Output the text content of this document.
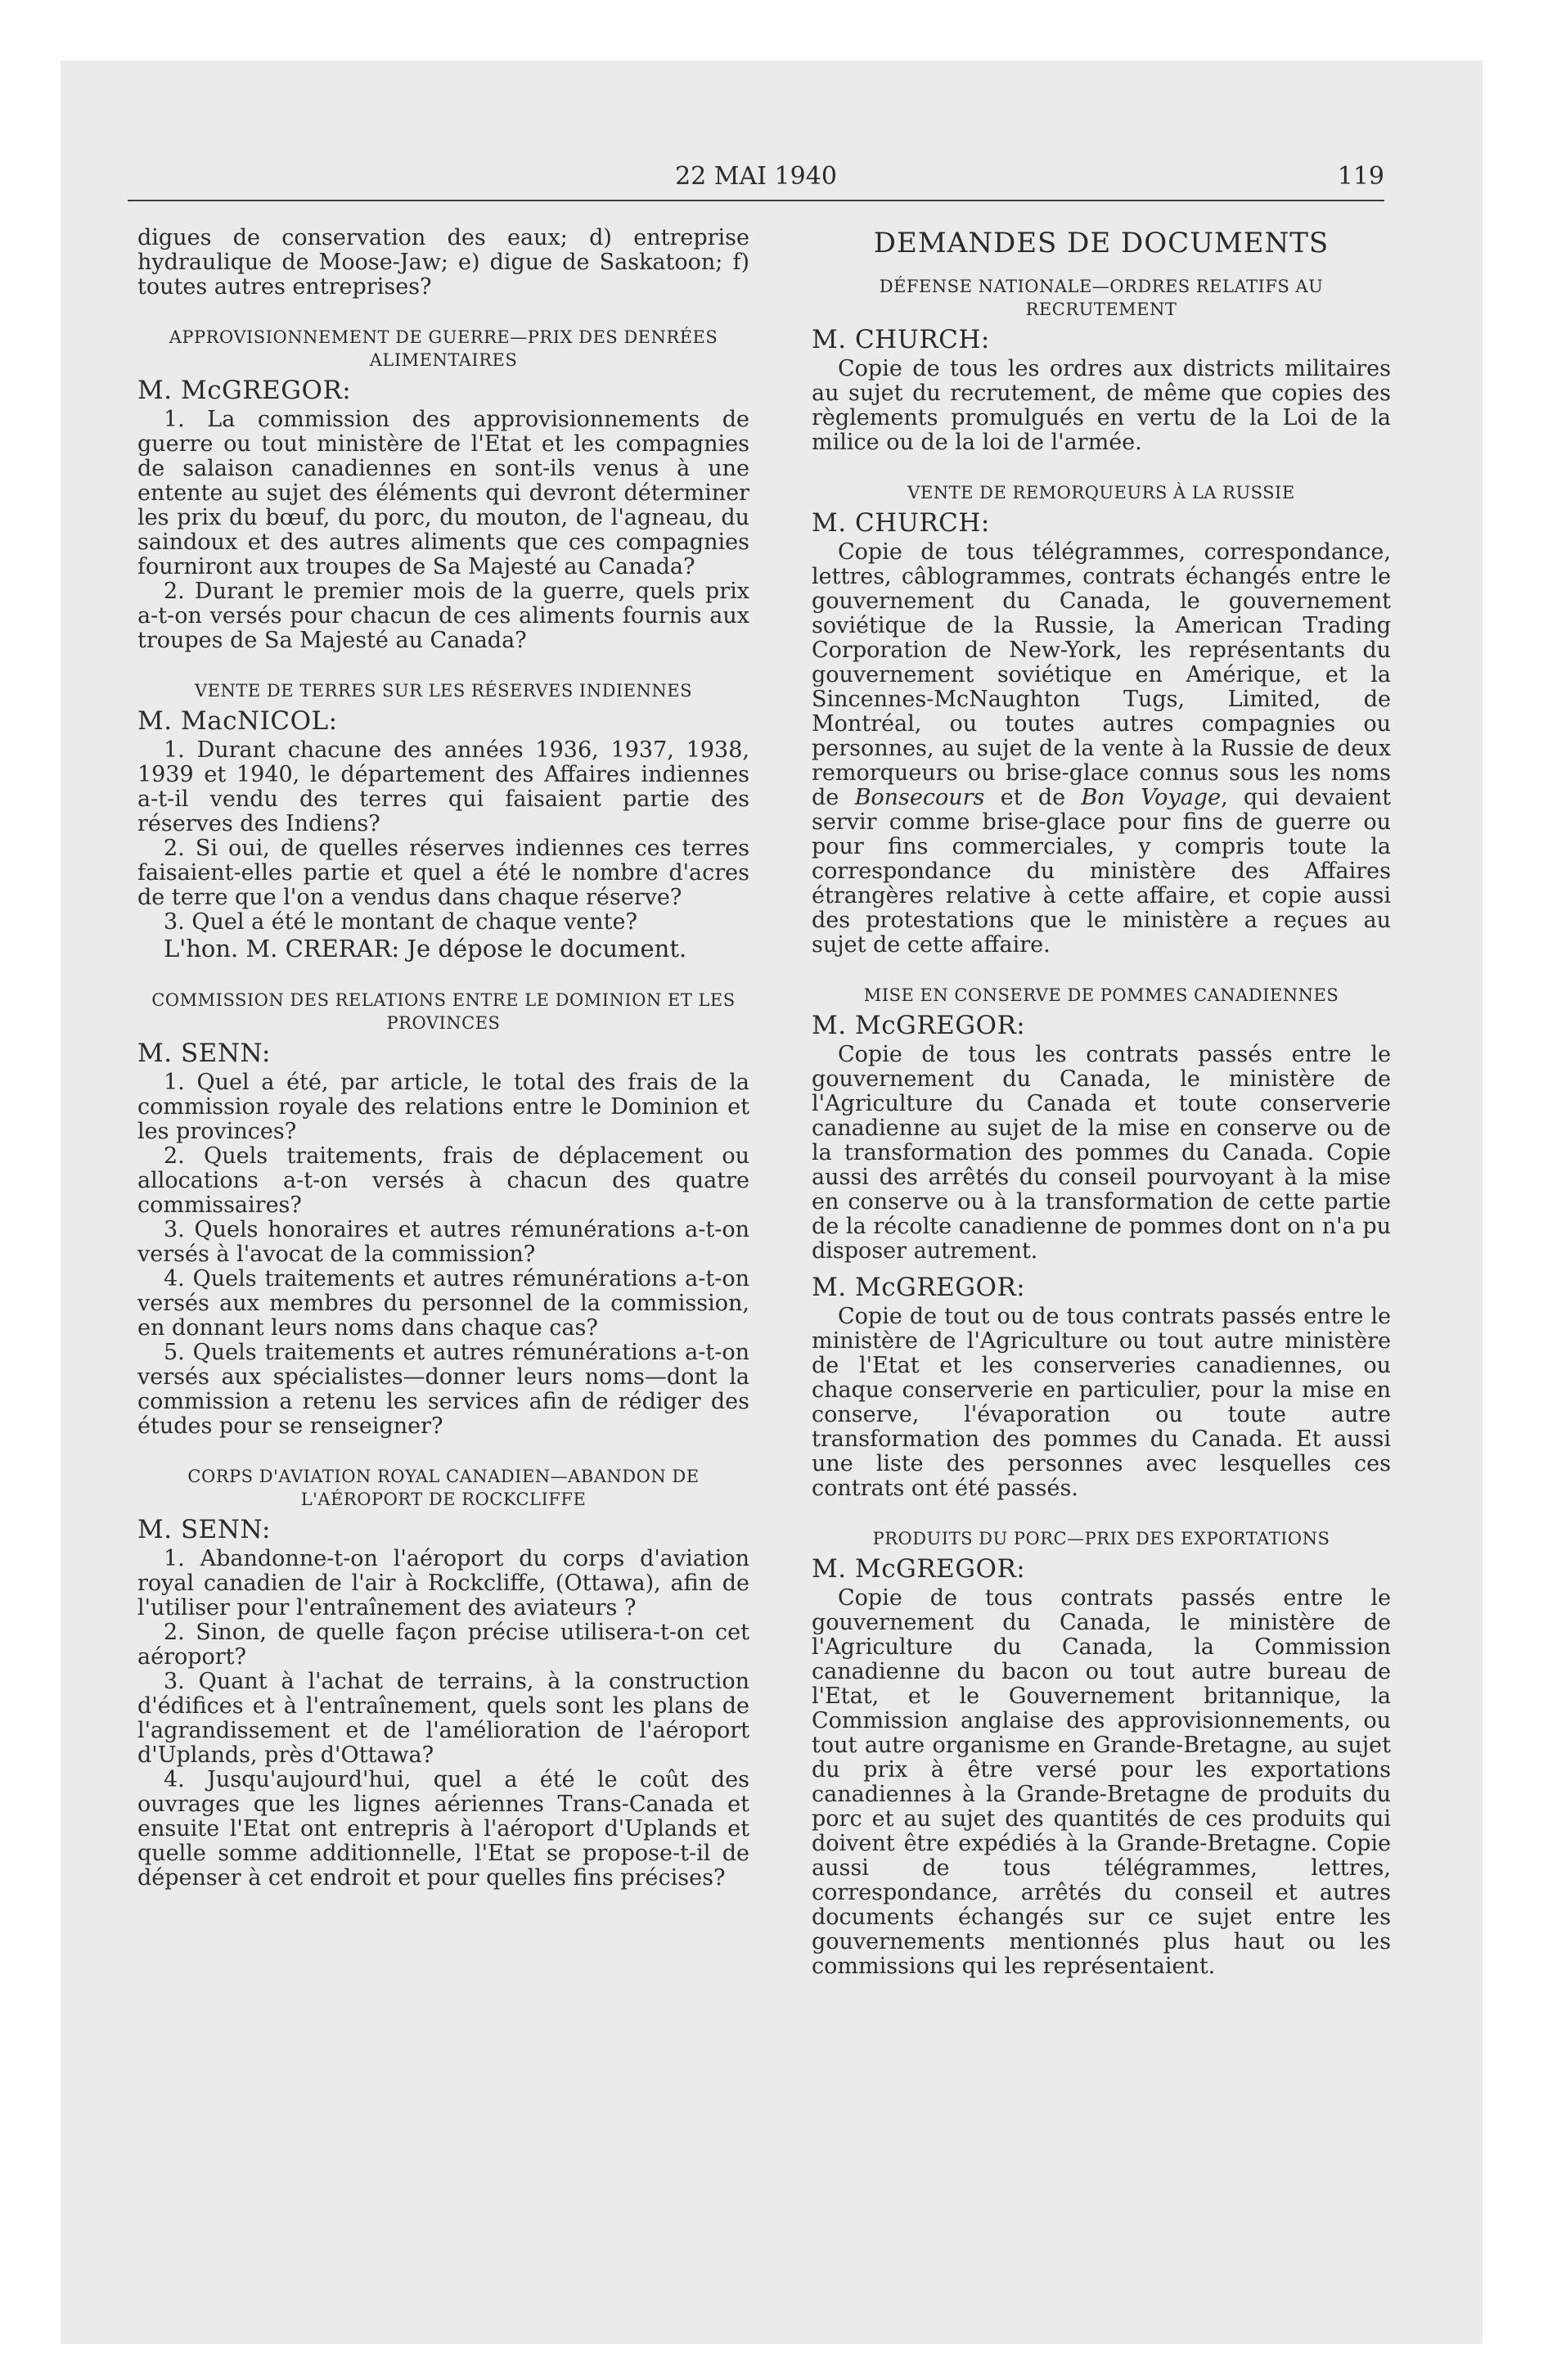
22 MAI 1940	119

digues de conservation des eaux; d) entreprise hydraulique de Moose-Jaw; e) digue de Saskatoon; f) toutes autres entreprises?

APPROVISIONNEMENT DE GUERRE—PRIX DES DENRÉES ALIMENTAIRES
M. McGREGOR:

1. La commission des approvisionnements de guerre ou tout ministère de l'Etat et les compagnies de salaison canadiennes en sont-ils venus à une entente au sujet des éléments qui devront déterminer les prix du bœuf, du porc, du mouton, de l'agneau, du saindoux et des autres aliments que ces compagnies fourniront aux troupes de Sa Majesté au Canada?

2. Durant le premier mois de la guerre, quels prix a-t-on versés pour chacun de ces aliments fournis aux troupes de Sa Majesté au Canada?

VENTE DE TERRES SUR LES RÉSERVES INDIENNES
M. MacNICOL:

1. Durant chacune des années 1936, 1937, 1938, 1939 et 1940, le département des Affaires indiennes a-t-il vendu des terres qui faisaient partie des réserves des Indiens?

2. Si oui, de quelles réserves indiennes ces terres faisaient-elles partie et quel a été le nombre d'acres de terre que l'on a vendus dans chaque réserve?

3. Quel a été le montant de chaque vente?

L'hon. M. CRERAR: Je dépose le document.

COMMISSION DES RELATIONS ENTRE LE DOMINION ET LES PROVINCES
M. SENN:

1. Quel a été, par article, le total des frais de la commission royale des relations entre le Dominion et les provinces?

2. Quels traitements, frais de déplacement ou allocations a-t-on versés à chacun des quatre commissaires?

3. Quels honoraires et autres rémunérations a-t-on versés à l'avocat de la commission?

4. Quels traitements et autres rémunérations a-t-on versés aux membres du personnel de la commission, en donnant leurs noms dans chaque cas?

5. Quels traitements et autres rémunérations a-t-on versés aux spécialistes—donner leurs noms—dont la commission a retenu les services afin de rédiger des études pour se renseigner?

CORPS D'AVIATION ROYAL CANADIEN—ABANDON DE L'AÉROPORT DE ROCKCLIFFE
M. SENN:

1. Abandonne-t-on l'aéroport du corps d'aviation royal canadien de l'air à Rockcliffe, (Ottawa), afin de l'utiliser pour l'entraînement des aviateurs ?

2. Sinon, de quelle façon précise utilisera-t-on cet aéroport?

3. Quant à l'achat de terrains, à la construction d'édifices et à l'entraînement, quels sont les plans de l'agrandissement et de l'amélioration de l'aéroport d'Uplands, près d'Ottawa?

4. Jusqu'aujourd'hui, quel a été le coût des ouvrages que les lignes aériennes Trans-Canada et ensuite l'Etat ont entrepris à l'aéroport d'Uplands et quelle somme additionnelle, l'Etat se propose-t-il de dépenser à cet endroit et pour quelles fins précises?

DEMANDES DE DOCUMENTS
DÉFENSE NATIONALE—ORDRES RELATIFS AU RECRUTEMENT
M. CHURCH:

Copie de tous les ordres aux districts militaires au sujet du recrutement, de même que copies des règlements promulgués en vertu de la Loi de la milice ou de la loi de l'armée.

VENTE DE REMORQUEURS À LA RUSSIE
M. CHURCH:

Copie de tous télégrammes, correspondance, lettres, câblogrammes, contrats échangés entre le gouvernement du Canada, le gouvernement soviétique de la Russie, la American Trading Corporation de New-York, les représentants du gouvernement soviétique en Amérique, et la Sincennes-McNaughton Tugs, Limited, de Montréal, ou toutes autres compagnies ou personnes, au sujet de la vente à la Russie de deux remorqueurs ou brise-glace connus sous les noms de Bonsecours et de Bon Voyage, qui devaient servir comme brise-glace pour fins de guerre ou pour fins commerciales, y compris toute la correspondance du ministère des Affaires étrangères relative à cette affaire, et copie aussi des protestations que le ministère a reçues au sujet de cette affaire.

MISE EN CONSERVE DE POMMES CANADIENNES
M. McGREGOR:

Copie de tous les contrats passés entre le gouvernement du Canada, le ministère de l'Agriculture du Canada et toute conserverie canadienne au sujet de la mise en conserve ou de la transformation des pommes du Canada. Copie aussi des arrêtés du conseil pourvoyant à la mise en conserve ou à la transformation de cette partie de la récolte canadienne de pommes dont on n'a pu disposer autrement.

M. McGREGOR:

Copie de tout ou de tous contrats passés entre le ministère de l'Agriculture ou tout autre ministère de l'Etat et les conserveries canadiennes, ou chaque conserverie en particulier, pour la mise en conserve, l'évaporation ou toute autre transformation des pommes du Canada. Et aussi une liste des personnes avec lesquelles ces contrats ont été passés.

PRODUITS DU PORC—PRIX DES EXPORTATIONS
M. McGREGOR:

Copie de tous contrats passés entre le gouvernement du Canada, le ministère de l'Agriculture du Canada, la Commission canadienne du bacon ou tout autre bureau de l'Etat, et le Gouvernement britannique, la Commission anglaise des approvisionnements, ou tout autre organisme en Grande-Bretagne, au sujet du prix à être versé pour les exportations canadiennes à la Grande-Bretagne de produits du porc et au sujet des quantités de ces produits qui doivent être expédiés à la Grande-Bretagne. Copie aussi de tous télégrammes, lettres, correspondance, arrêtés du conseil et autres documents échangés sur ce sujet entre les gouvernements mentionnés plus haut ou les commissions qui les représentaient.
